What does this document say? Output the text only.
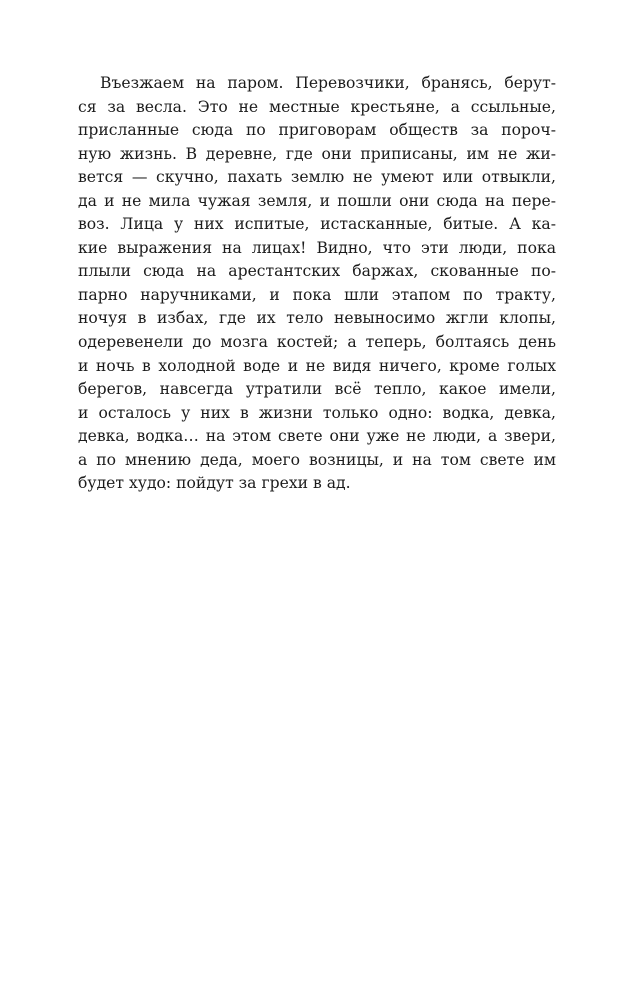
Въезжаем на паром. Перевозчики, бранясь, берут-
ся за весла. Это не местные крестьяне, а ссыльные,
присланные сюда по приговорам обществ за пороч-
ную жизнь. В деревне, где они приписаны, им не жи-
вется — скучно, пахать землю не умеют или отвыкли,
да и не мила чужая земля, и пошли они сюда на пере-
воз. Лица у них испитые, истасканные, битые. А ка-
кие выражения на лицах! Видно, что эти люди, пока
плыли сюда на арестантских баржах, скованные по-
парно наручниками, и пока шли этапом по тракту,
ночуя в избах, где их тело невыносимо жгли клопы,
одеревенели до мозга костей; а теперь, болтаясь день
и ночь в холодной воде и не видя ничего, кроме голых
берегов, навсегда утратили всё тепло, какое имели,
и осталось у них в жизни только одно: водка, девка,
девка, водка… на этом свете они уже не люди, а звери,
а по мнению деда, моего возницы, и на том свете им
будет худо: пойдут за грехи в ад.
